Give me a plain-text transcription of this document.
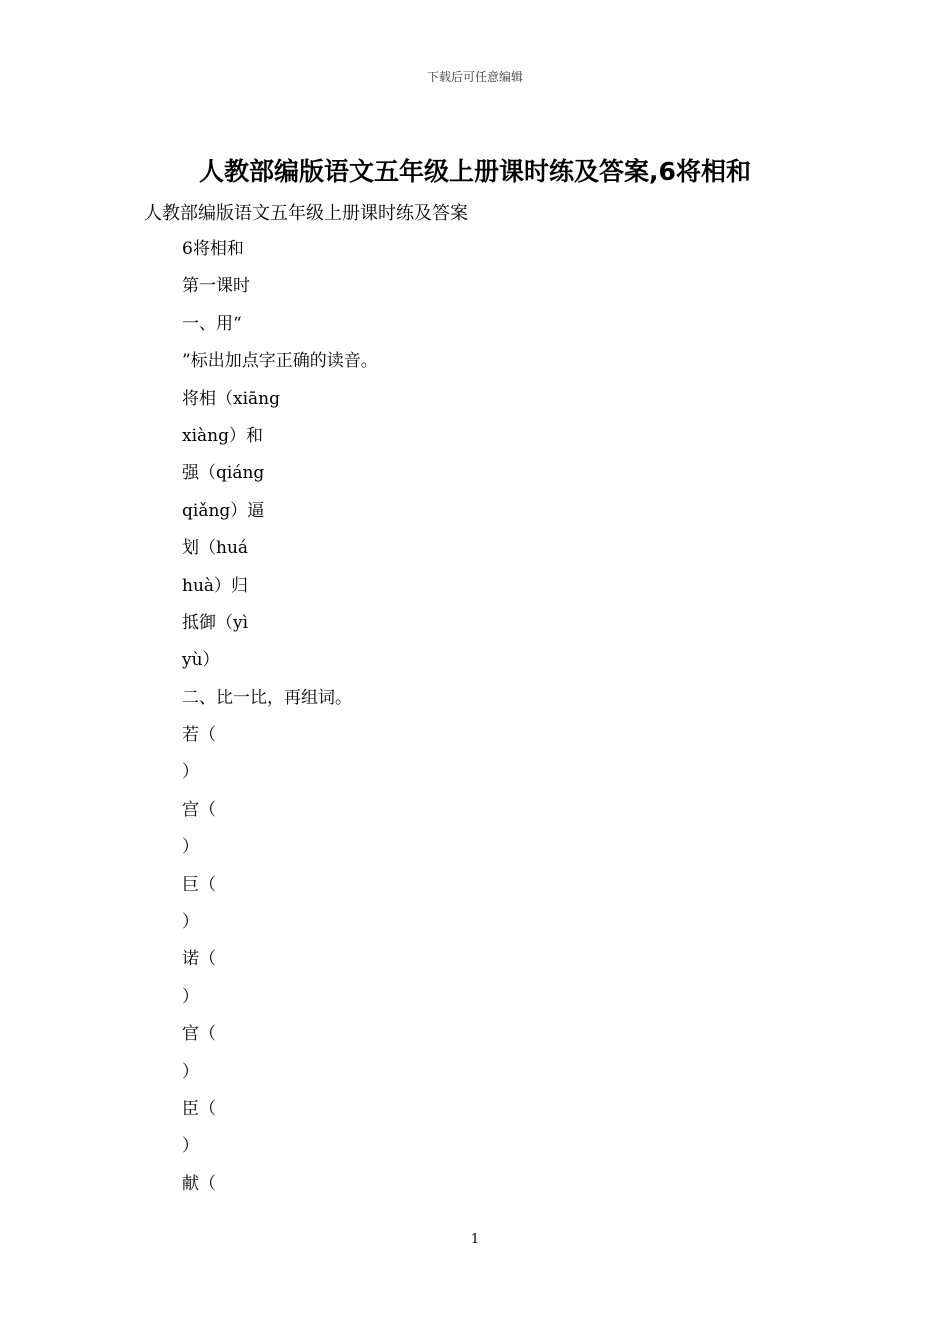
下载后可任意编辑
人教部编版语文五年级上册课时练及答案,6将相和
人教部编版语文五年级上册课时练及答案
6将相和
第一课时
一、用“
”标出加点字正确的读音。
将相（xiāng
xiàng）和
强（qiáng
qiǎng）逼
划（huá
huà）归
抵御（yì
yù）
二、比一比，再组词。
若（
）
宫（
）
巨（
）
诺（
）
官（
）
臣（
）
献（
1
